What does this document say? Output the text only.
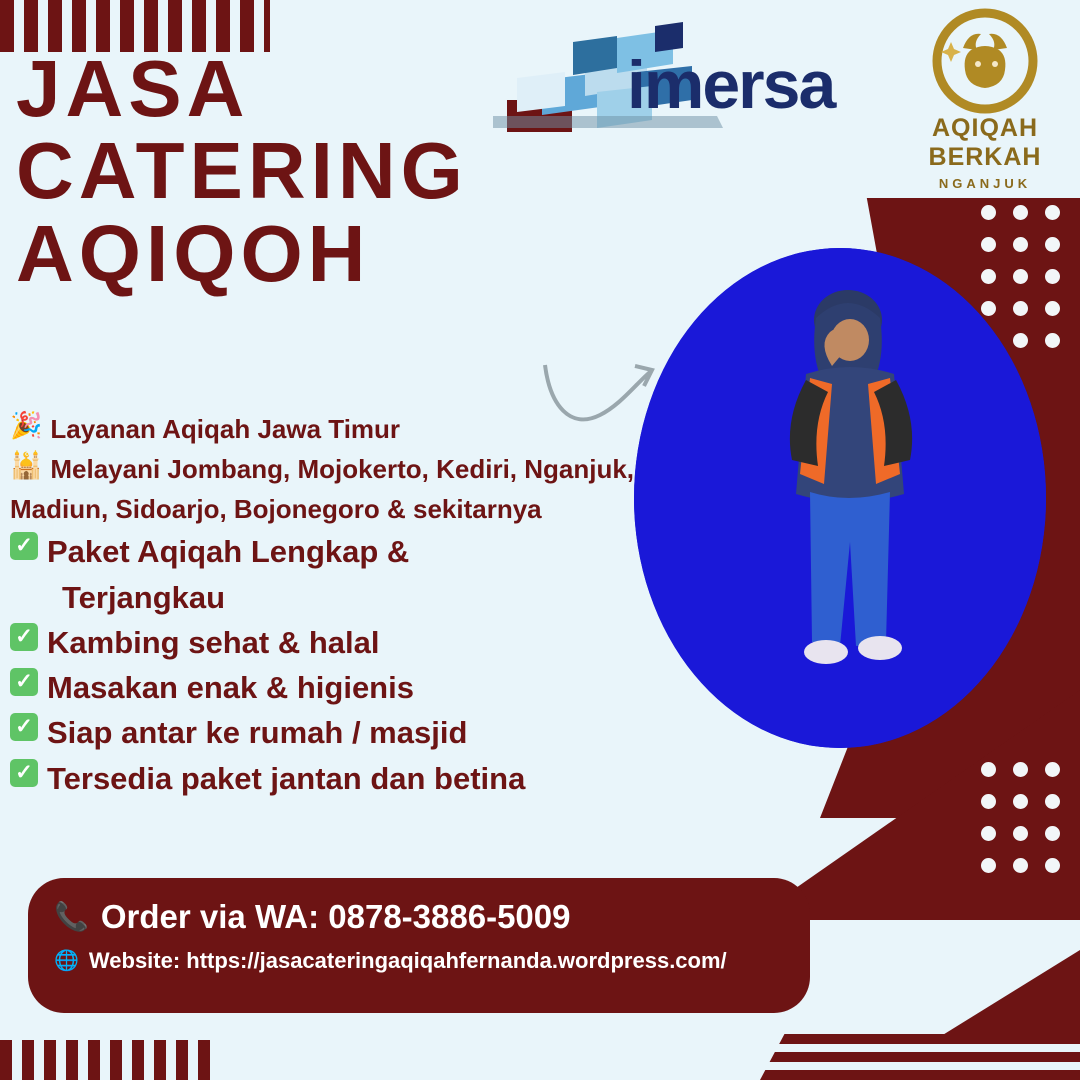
JASA
CATERING
AQIQOH
imersa
AQIQAH
BERKAH
NGANJUK
🎉 Layanan Aqiqah Jawa Timur
🕌 Melayani Jombang, Mojokerto, Kediri, Nganjuk,
Madiun, Sidoarjo, Bojonegoro & sekitarnya
✓ Paket Aqiqah Lengkap &
Terjangkau
✓ Kambing sehat & halal
✓ Masakan enak & higienis
✓ Siap antar ke rumah / masjid
✓ Tersedia paket jantan dan betina
📞 Order via WA: 0878-3886-5009
🌐 Website: https://jasacateringaqiqahfernanda.wordpress.com/
